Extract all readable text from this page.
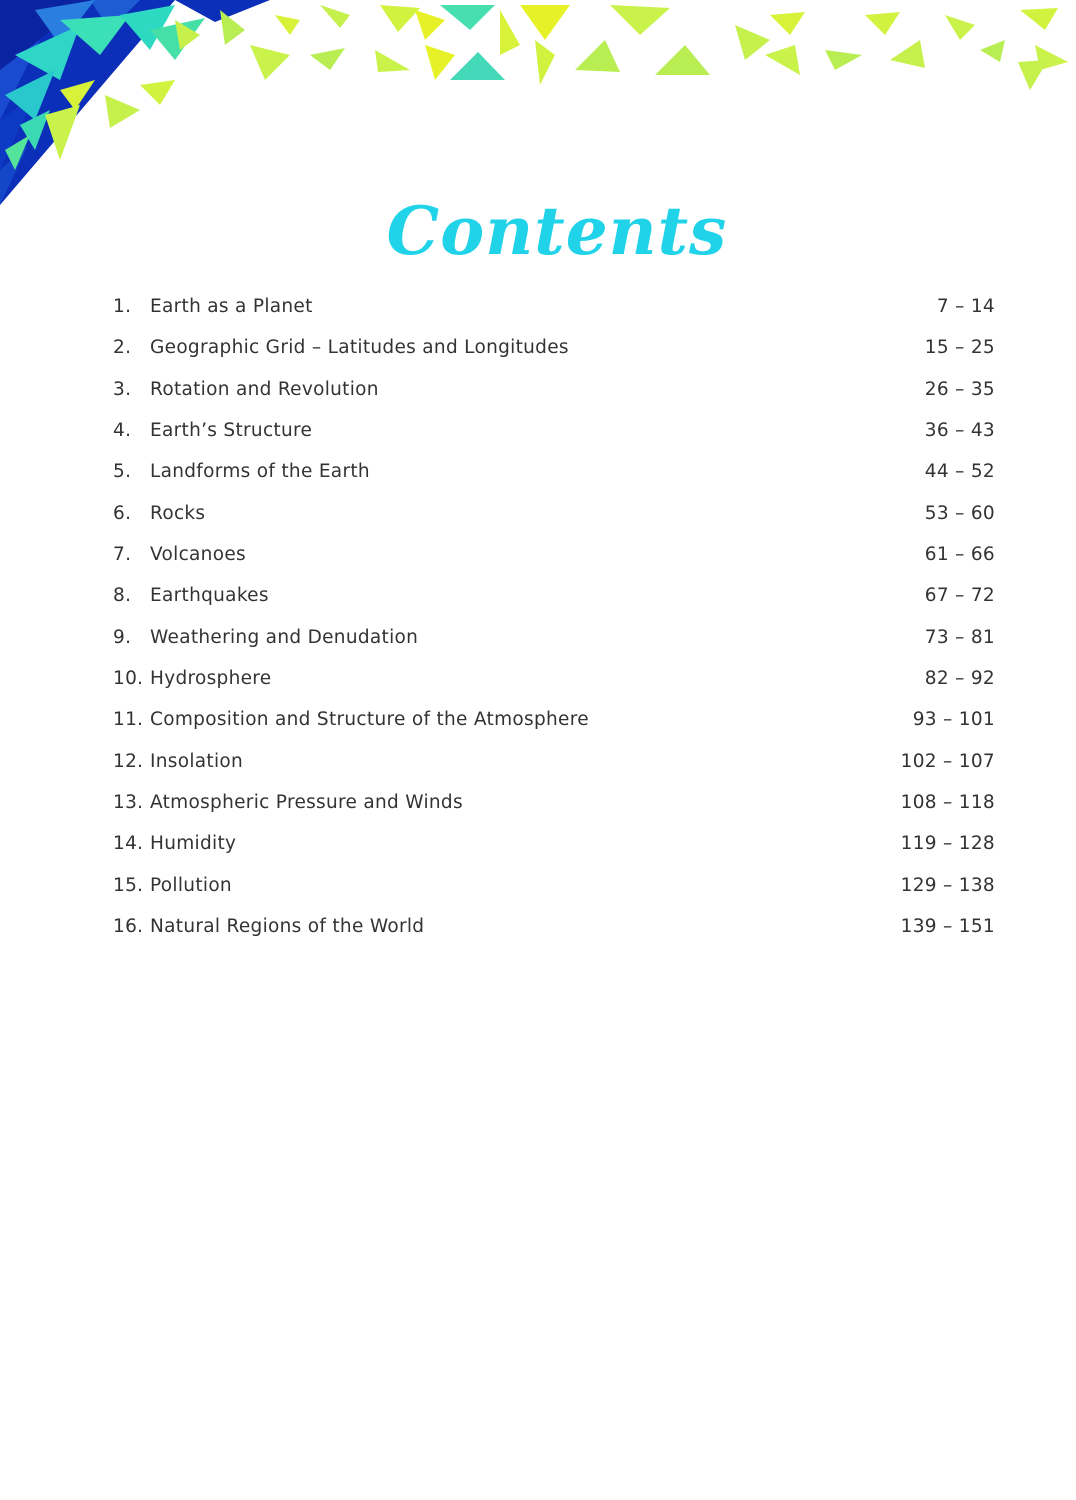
Contents
1.	Earth as a Planet	7 – 14
2.	Geographic Grid – Latitudes and Longitudes	15 – 25
3.	Rotation and Revolution	26 – 35
4.	Earth’s Structure	36 – 43
5.	Landforms of the Earth	44 – 52
6.	Rocks	53 – 60
7.	Volcanoes	61 – 66
8.	Earthquakes	67 – 72
9.	Weathering and Denudation	73 – 81
10. Hydrosphere	82 – 92
11. Composition and Structure of the Atmosphere	93 – 101
12. Insolation	102 – 107
13. Atmospheric Pressure and Winds	108 – 118
14. Humidity	119 – 128
15. Pollution	129 – 138
16. Natural Regions of the World	139 – 151
